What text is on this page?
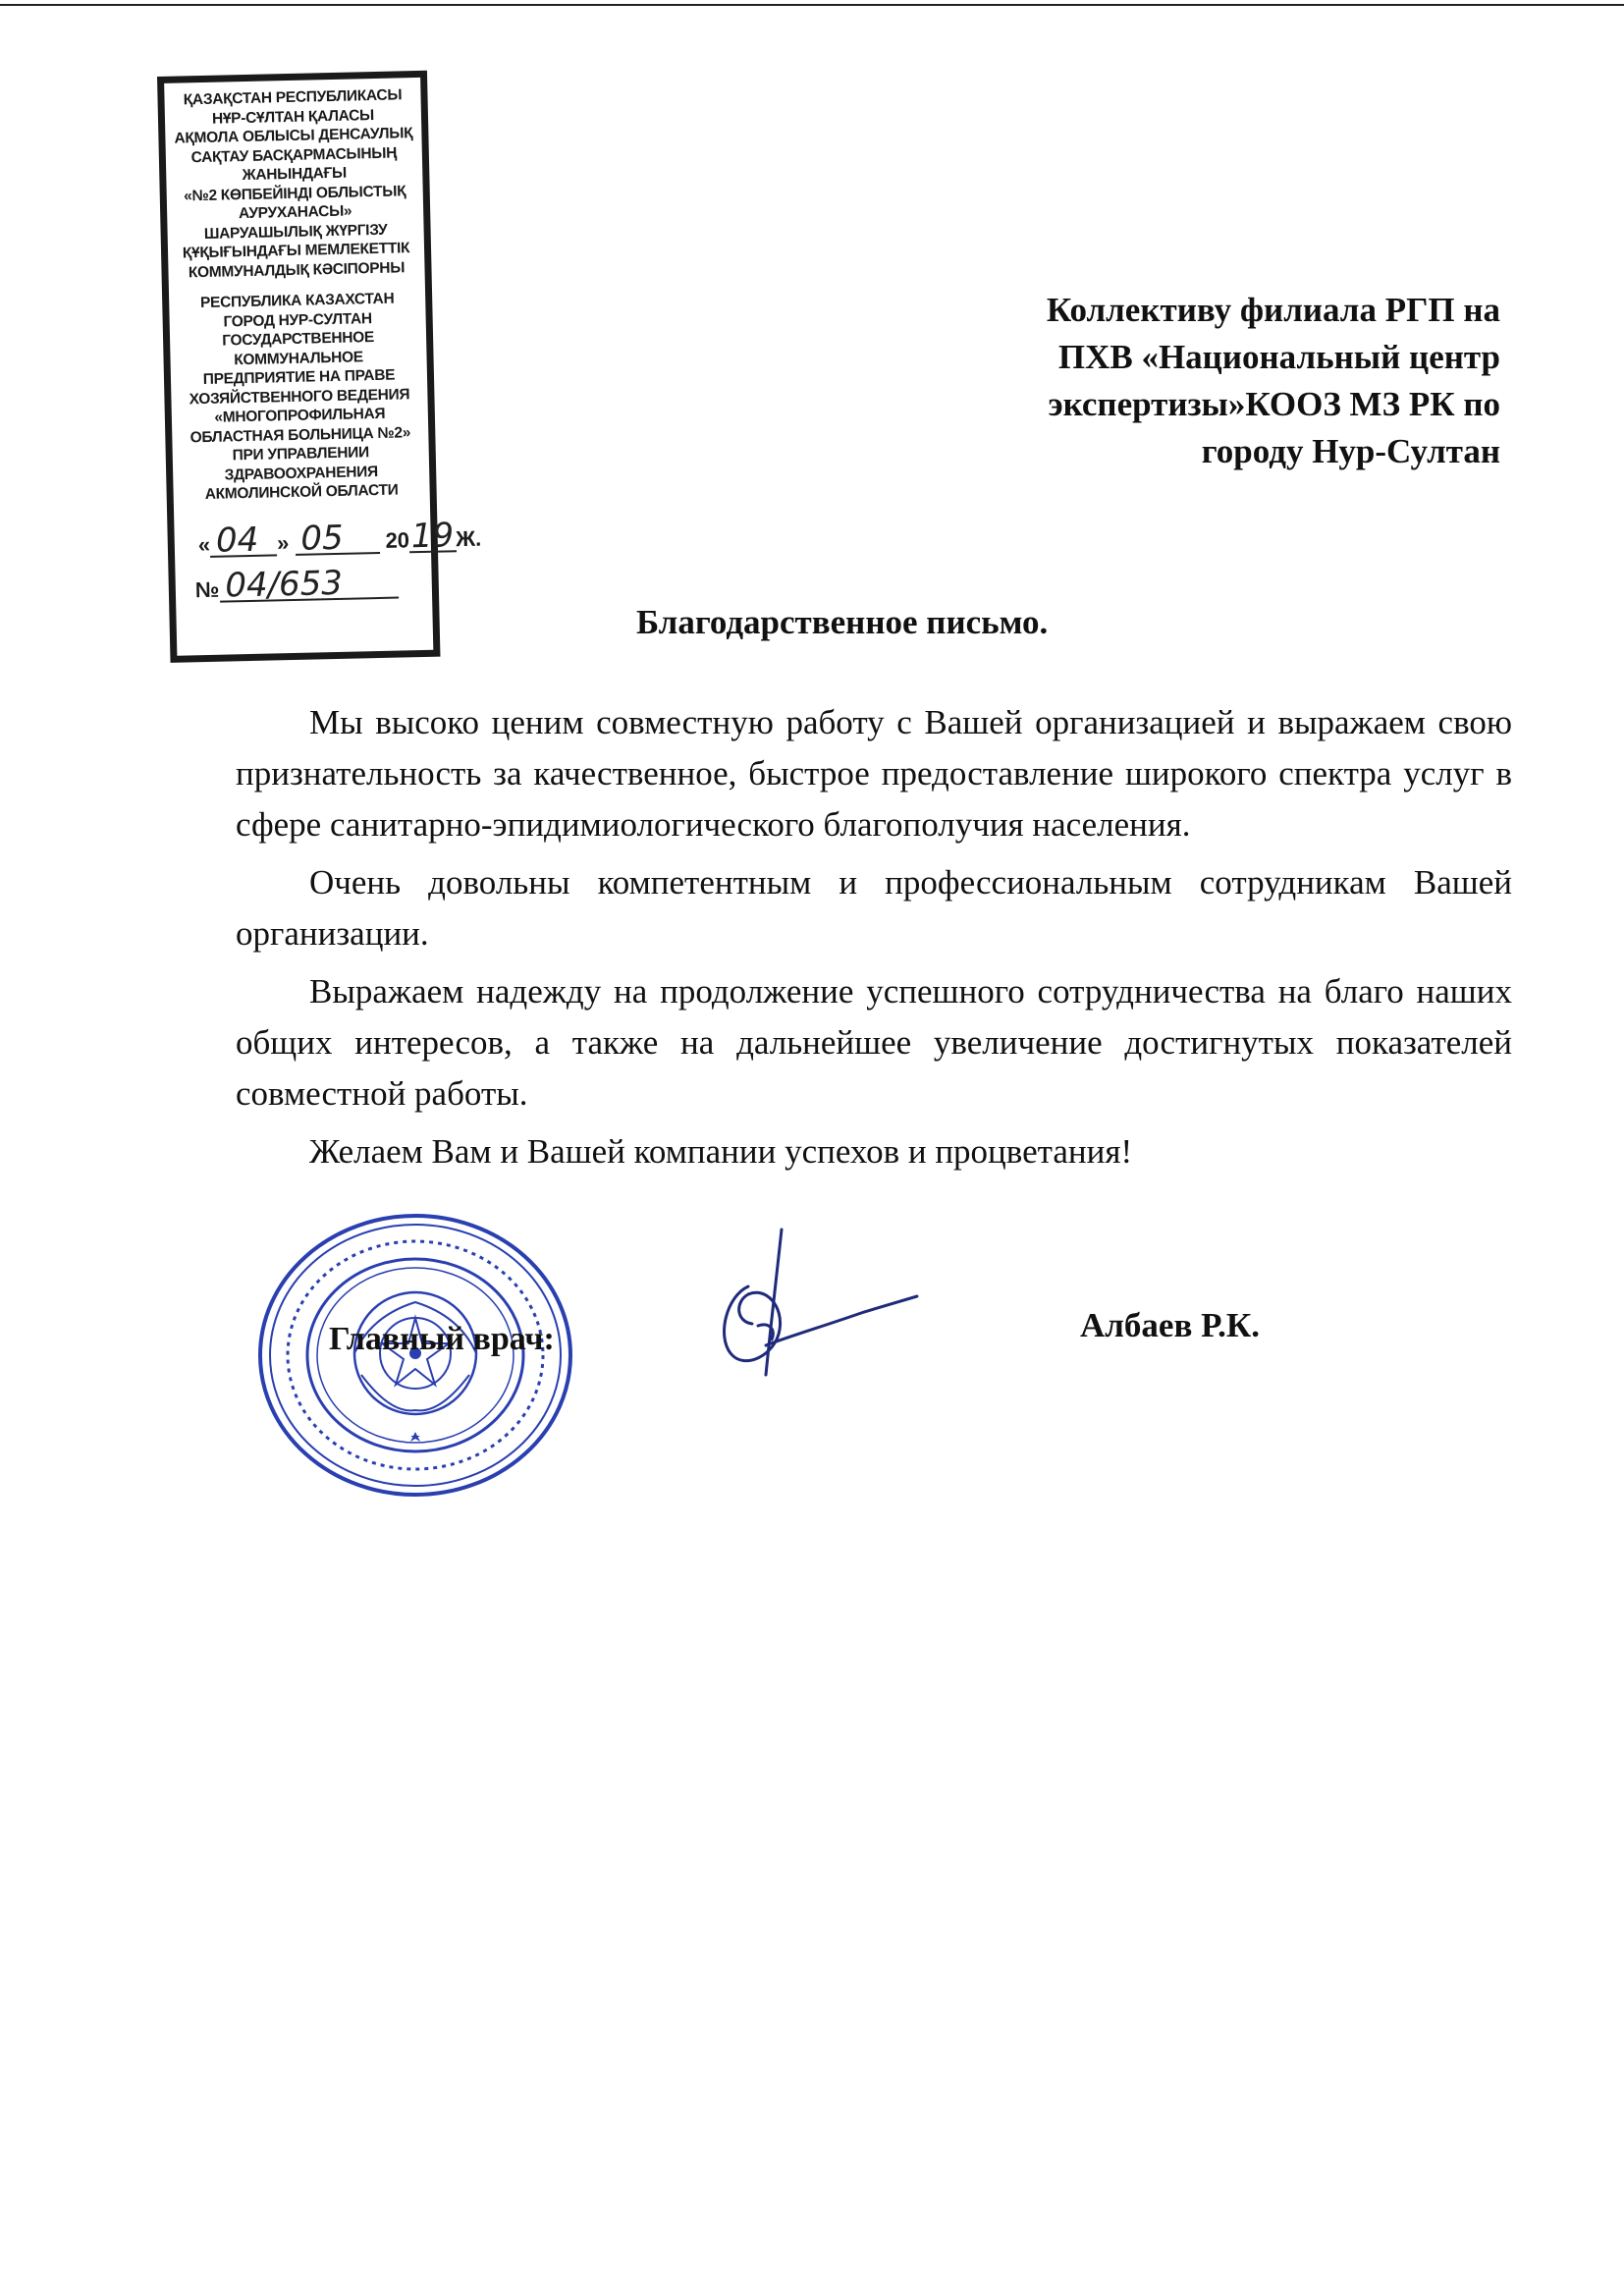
ҚАЗАҚСТАН РЕСПУБЛИКАСЫ
НҰР-СҰЛТАН ҚАЛАСЫ
АҚМОЛА ОБЛЫСЫ ДЕНСАУЛЫҚ
САҚТАУ БАСҚАРМАСЫНЫҢ
ЖАНЫНДАҒЫ
«№2 КӨПБЕЙІНДІ ОБЛЫСТЫҚ
АУРУХАНАСЫ»
ШАРУАШЫЛЫҚ ЖҮРГІЗУ
ҚҰҚЫҒЫНДАҒЫ МЕМЛЕКЕТТІК
КОММУНАЛДЫҚ КӘСІПОРНЫ
РЕСПУБЛИКА КАЗАХСТАН
ГОРОД НУР-СУЛТАН
ГОСУДАРСТВЕННОЕ
КОММУНАЛЬНОЕ
ПРЕДПРИЯТИЕ НА ПРАВЕ
ХОЗЯЙСТВЕННОГО ВЕДЕНИЯ
«МНОГОПРОФИЛЬНАЯ
ОБЛАСТНАЯ БОЛЬНИЦА №2»
ПРИ УПРАВЛЕНИИ
ЗДРАВООХРАНЕНИЯ
АКМОЛИНСКОЙ ОБЛАСТИ
« 04 » 05 2019Ж.
№ 04/653
Коллективу филиала РГП на
ПХВ «Национальный центр
экспертизы»КООЗ МЗ РК по
городу Нур-Султан
Благодарственное письмо.

Мы высоко ценим совместную работу с Вашей организацией и выражаем свою признательность за качественное, быстрое предоставление широкого спектра услуг в сфере санитарно-эпидимиологического благополучия населения.

Очень довольны компетентным и профессиональным сотрудникам Вашей организации.

Выражаем надежду на продолжение успешного сотрудничества на благо наших общих интересов, а также на дальнейшее увеличение достигнутых показателей совместной работы.

Желаем Вам и Вашей компании успехов и процветания!

Главный врач:	Албаев Р.К.
